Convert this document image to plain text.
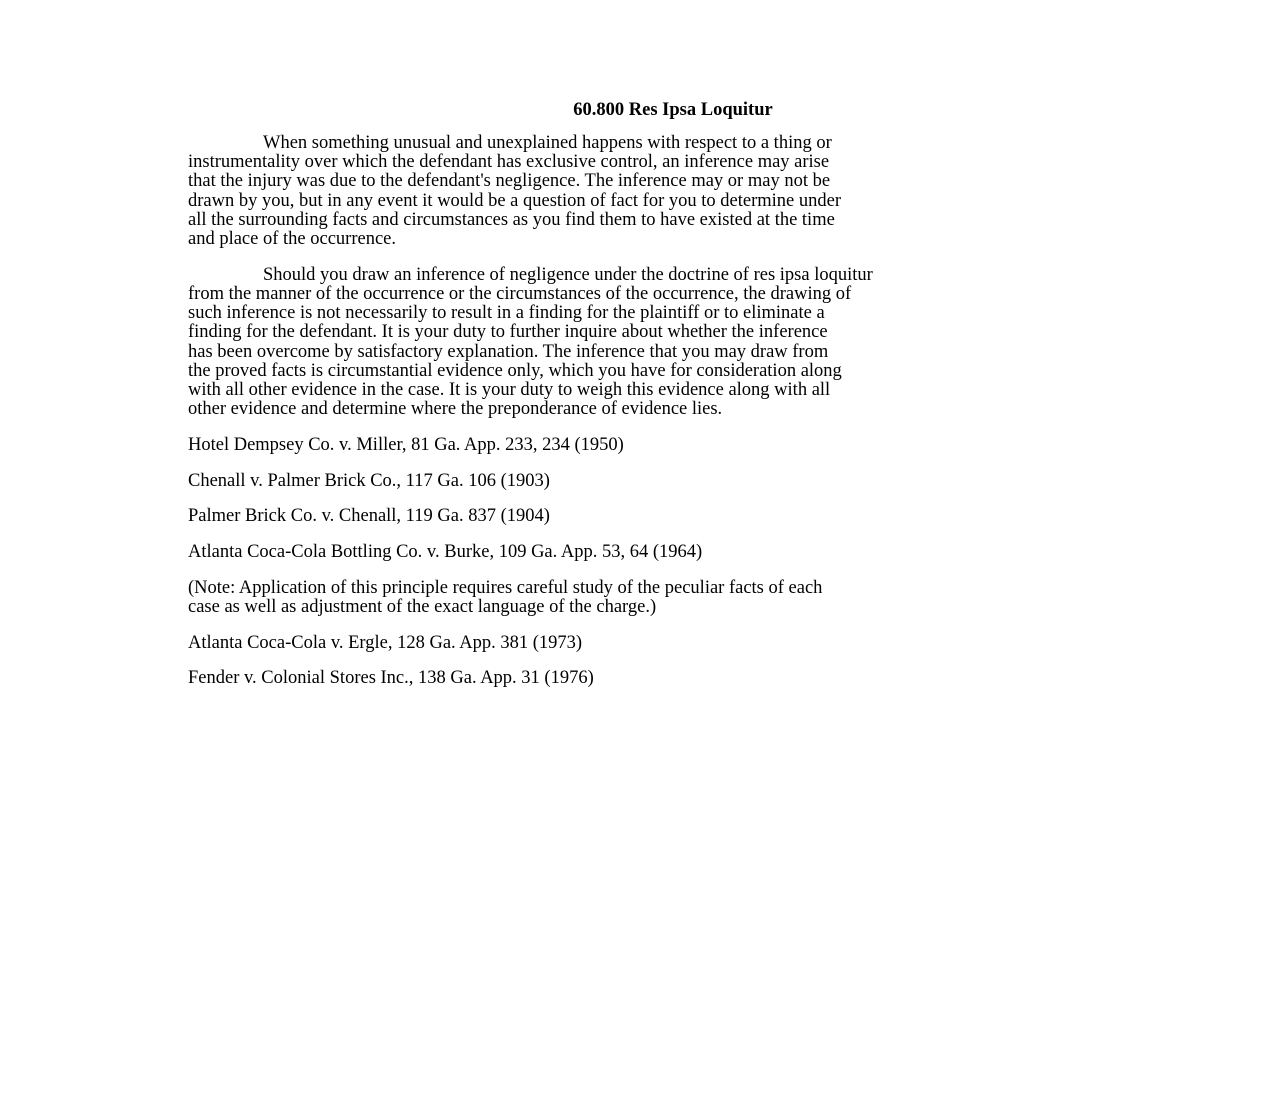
60.800 Res Ipsa Loquitur
When something unusual and unexplained happens with respect to a thing or
instrumentality over which the defendant has exclusive control, an inference may arise
that the injury was due to the defendant's negligence. The inference may or may not be
drawn by you, but in any event it would be a question of fact for you to determine under
all the surrounding facts and circumstances as you find them to have existed at the time
and place of the occurrence.
Should you draw an inference of negligence under the doctrine of res ipsa loquitur
from the manner of the occurrence or the circumstances of the occurrence, the drawing of
such inference is not necessarily to result in a finding for the plaintiff or to eliminate a
finding for the defendant. It is your duty to further inquire about whether the inference
has been overcome by satisfactory explanation. The inference that you may draw from
the proved facts is circumstantial evidence only, which you have for consideration along
with all other evidence in the case. It is your duty to weigh this evidence along with all
other evidence and determine where the preponderance of evidence lies.
Hotel Dempsey Co. v. Miller, 81 Ga. App. 233, 234 (1950)
Chenall v. Palmer Brick Co., 117 Ga. 106 (1903)
Palmer Brick Co. v. Chenall, 119 Ga. 837 (1904)
Atlanta Coca-Cola Bottling Co. v. Burke, 109 Ga. App. 53, 64 (1964)
(Note: Application of this principle requires careful study of the peculiar facts of each
case as well as adjustment of the exact language of the charge.)
Atlanta Coca-Cola v. Ergle, 128 Ga. App. 381 (1973)
Fender v. Colonial Stores Inc., 138 Ga. App. 31 (1976)
